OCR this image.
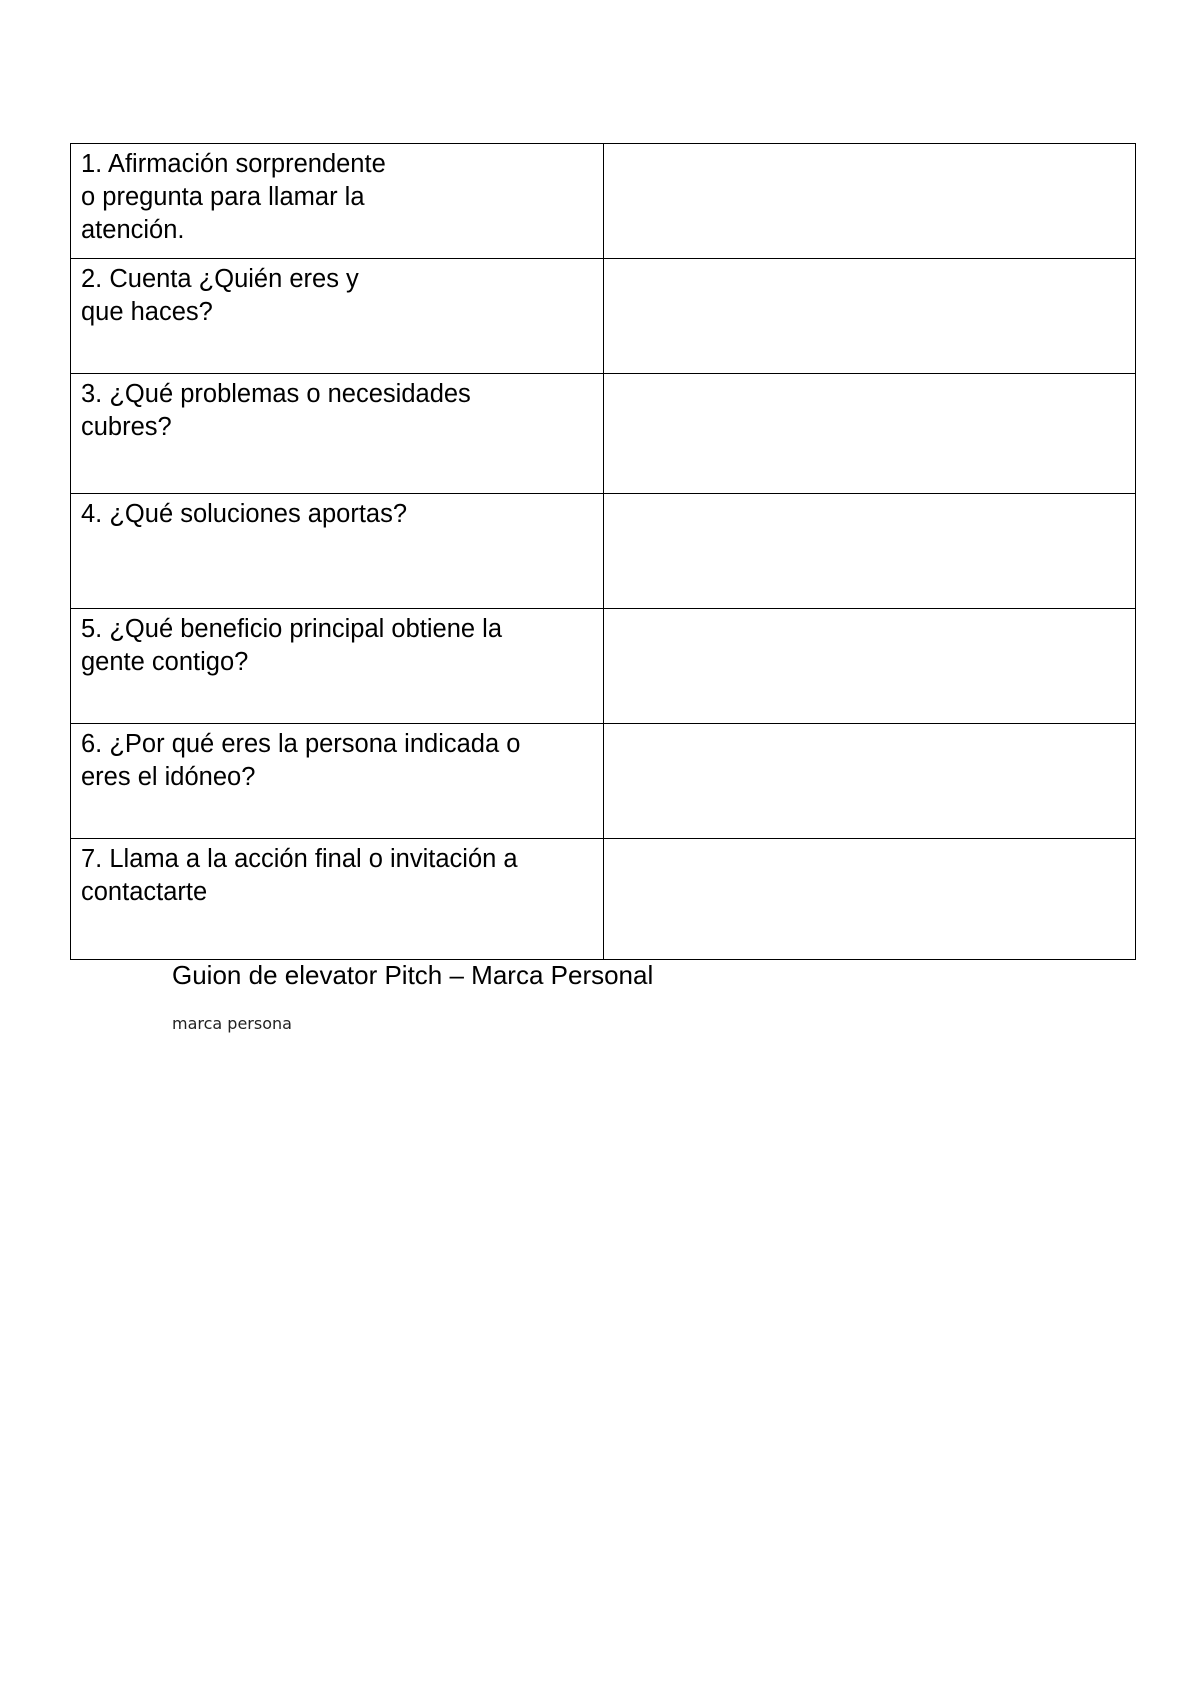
1. Afirmación sorprendente
o pregunta para llamar la
atención.	
2. Cuenta ¿Quién eres y
que haces?	
3. ¿Qué problemas o necesidades
cubres?	
4. ¿Qué soluciones aportas?	
5. ¿Qué beneficio principal obtiene la
gente contigo?	
6. ¿Por qué eres la persona indicada o
eres el idóneo?	
7. Llama a la acción final o invitación a
contactarte	
Guion de elevator Pitch – Marca Personal
marca persona
